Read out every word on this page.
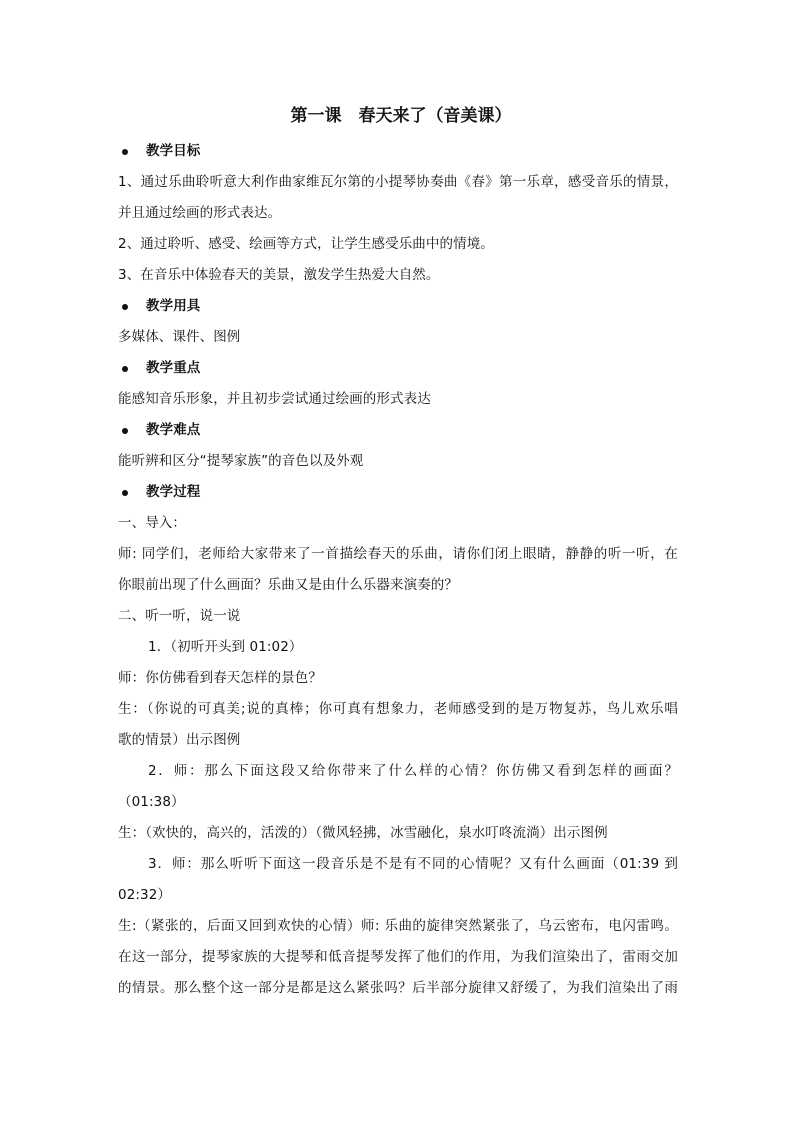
第一课　春天来了（音美课）
教学目标
1、通过乐曲聆听意大利作曲家维瓦尔第的小提琴协奏曲《春》第一乐章，感受音乐的情景，
并且通过绘画的形式表达。
2、通过聆听、感受、绘画等方式，让学生感受乐曲中的情境。
3、在音乐中体验春天的美景，激发学生热爱大自然。
教学用具
多媒体、课件、图例
教学重点
能感知音乐形象，并且初步尝试通过绘画的形式表达
教学难点
能听辨和区分“提琴家族”的音色以及外观
教学过程
一、导入：
师: 同学们，老师给大家带来了一首描绘春天的乐曲，请你们闭上眼睛，静静的听一听，在
你眼前出现了什么画面？乐曲又是由什么乐器来演奏的？
二、听一听，说一说
1．（初听开头到 01:02）
师：你仿佛看到春天怎样的景色？
生：（你说的可真美;说的真棒；你可真有想象力，老师感受到的是万物复苏，鸟儿欢乐唱
歌的情景）出示图例
2．师：那么下面这段又给你带来了什么样的心情？你仿佛又看到怎样的画面？
（01:38）
生：（欢快的，高兴的，活泼的）（微风轻拂，冰雪融化，泉水叮咚流淌）出示图例
3．师：那么听听下面这一段音乐是不是有不同的心情呢？又有什么画面（01:39 到
02:32）
生:（紧张的，后面又回到欢快的心情）师: 乐曲的旋律突然紧张了，乌云密布，电闪雷鸣。
在这一部分，提琴家族的大提琴和低音提琴发挥了他们的作用，为我们渲染出了，雷雨交加
的情景。那么整个这一部分是都是这么紧张吗？后半部分旋律又舒缓了，为我们渲染出了雨
